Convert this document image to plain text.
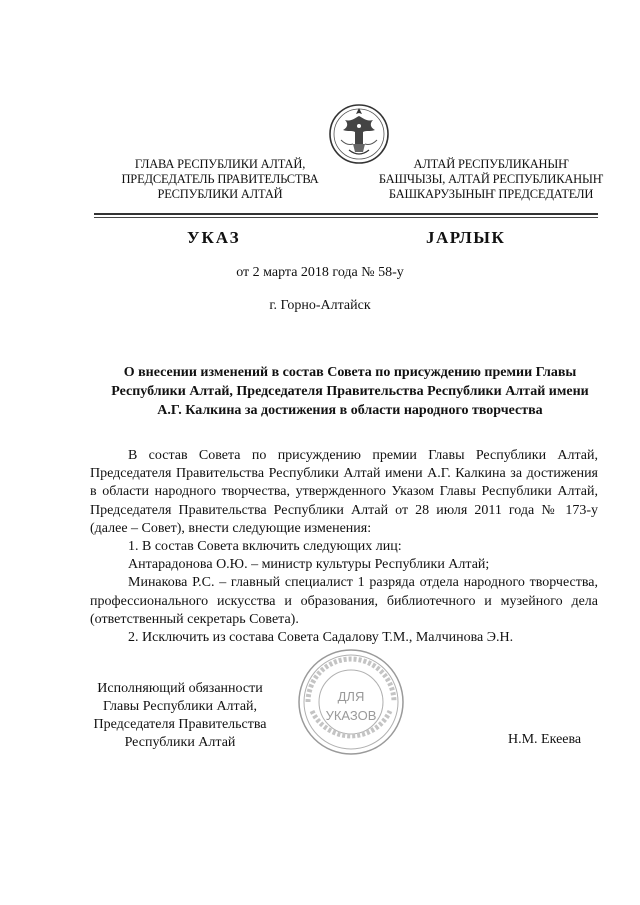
ГЛАВА РЕСПУБЛИКИ АЛТАЙ,
ПРЕДСЕДАТЕЛЬ ПРАВИТЕЛЬСТВА
РЕСПУБЛИКИ АЛТАЙ
АЛТАЙ РЕСПУБЛИКАНЫҤ
БАШЧЫЗЫ, АЛТАЙ РЕСПУБЛИКАНЫҤ
БАШКАРУЗЫНЫҤ ПРЕДСЕДАТЕЛИ
УКАЗ	JАРЛЫК
от 2 марта 2018 года № 58-у
г. Горно-Алтайск
О внесении изменений в состав Совета по присуждению премии Главы
Республики Алтай, Председателя Правительства Республики Алтай имени
А.Г. Калкина за достижения в области народного творчества
В состав Совета по присуждению премии Главы Республики Алтай, Председателя Правительства Республики Алтай имени А.Г. Калкина за достижения в области народного творчества, утвержденного Указом Главы Республики Алтай, Председателя Правительства Республики Алтай от 28 июля 2011 года № 173-у (далее – Совет), внести следующие изменения:
1. В состав Совета включить следующих лиц:
Антарадонова О.Ю. – министр культуры Республики Алтай;
Минакова Р.С. – главный специалист 1 разряда отдела народного творчества, профессионального искусства и образования, библиотечного и музейного дела (ответственный секретарь Совета).
2. Исключить из состава Совета Садалову Т.М., Малчинова Э.Н.
ДЛЯ
УКАЗОВ
Исполняющий обязанности
Главы Республики Алтай,
Председателя Правительства
Республики Алтай	Н.М. Екеева
